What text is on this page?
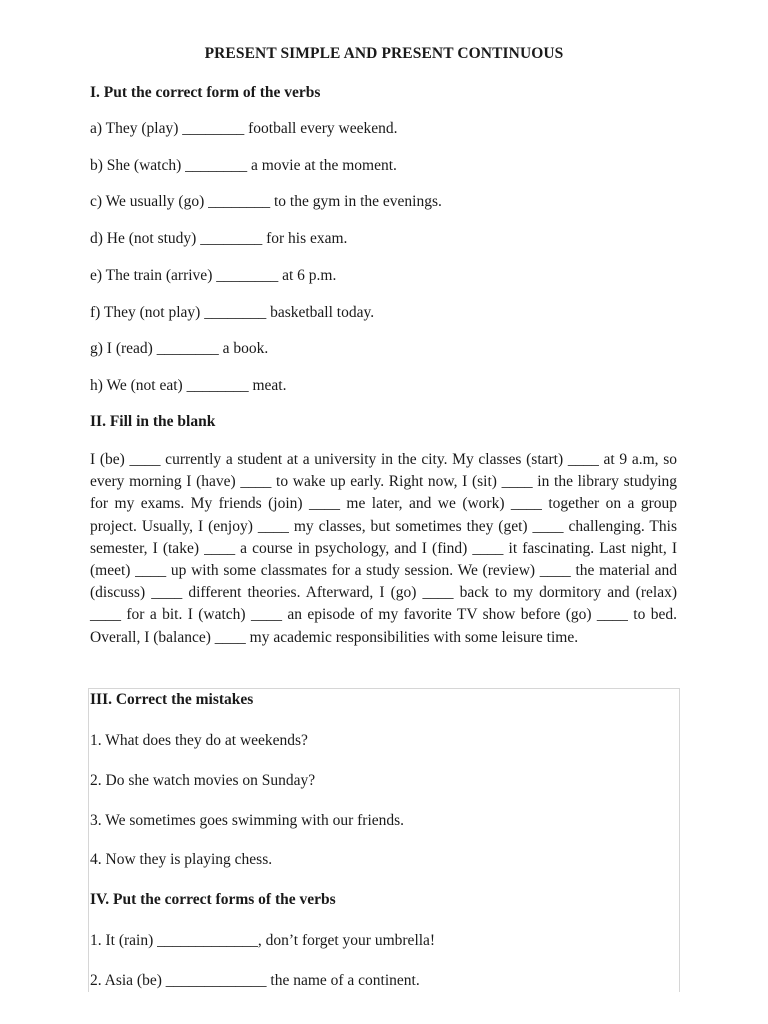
PRESENT SIMPLE AND PRESENT CONTINUOUS
I. Put the correct form of the verbs
a) They (play) ________ football every weekend.
b) She (watch) ________ a movie at the moment.
c) We usually (go) ________ to the gym in the evenings.
d) He (not study) ________ for his exam.
e) The train (arrive) ________ at 6 p.m.
f) They (not play) ________ basketball today.
g) I (read) ________ a book.
h) We (not eat) ________ meat.
II. Fill in the blank

I (be) ____ currently a student at a university in the city. My classes (start) ____ at 9 a.m, so every morning I (have) ____ to wake up early. Right now, I (sit) ____ in the library studying for my exams. My friends (join) ____ me later, and we (work) ____ together on a group project. Usually, I (enjoy) ____ my classes, but sometimes they (get) ____ challenging. This semester, I (take) ____ a course in psychology, and I (find) ____ it fascinating. Last night, I (meet) ____ up with some classmates for a study session. We (review) ____ the material and (discuss) ____ different theories. Afterward, I (go) ____ back to my dormitory and (relax) ____ for a bit. I (watch) ____ an episode of my favorite TV show before (go) ____ to bed. Overall, I (balance) ____ my academic responsibilities with some leisure time.

III. Correct the mistakes
1. What does they do at weekends?
2. Do she watch movies on Sunday?
3. We sometimes goes swimming with our friends.
4. Now they is playing chess.
IV. Put the correct forms of the verbs
1. It (rain) _____________, don’t forget your umbrella!
2. Asia (be) _____________ the name of a continent.
